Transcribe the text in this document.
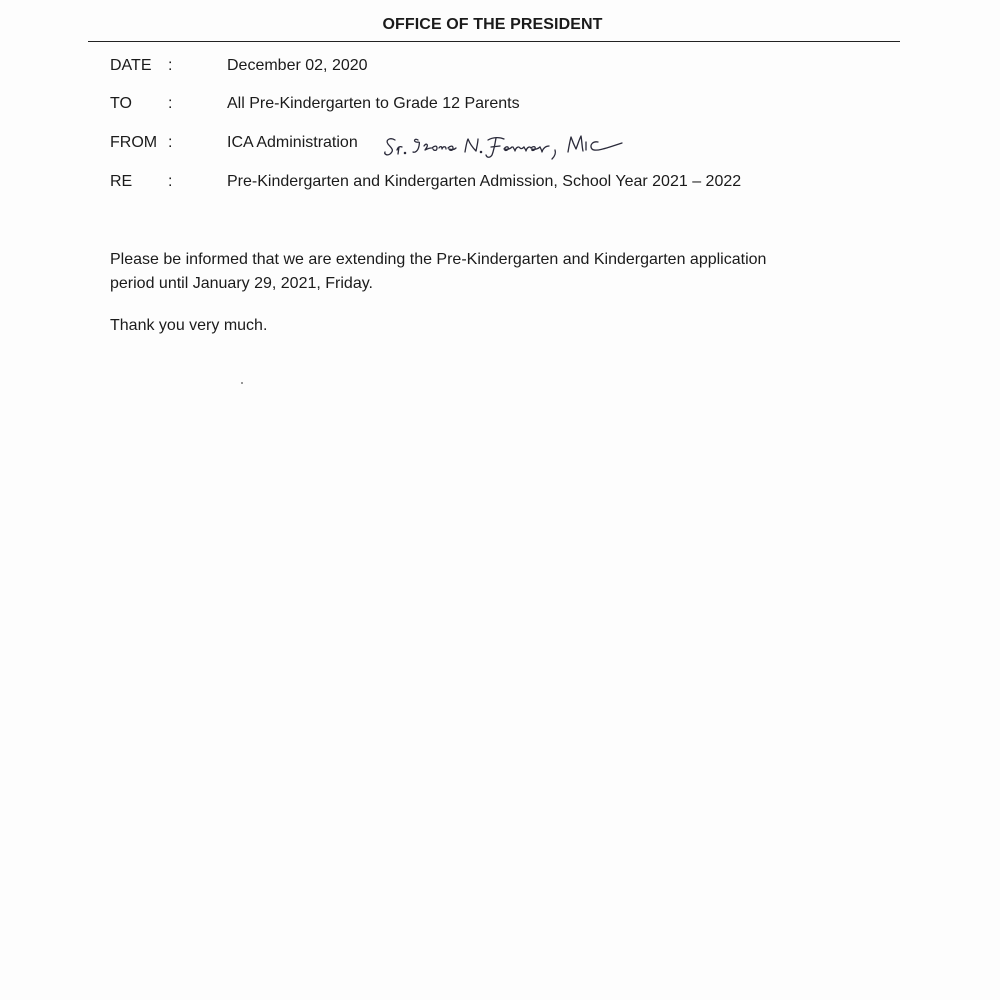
OFFICE OF THE PRESIDENT
DATE :	December 02, 2020
TO :	All Pre-Kindergarten to Grade 12 Parents
FROM :	ICA Administration
RE :	Pre-Kindergarten and Kindergarten Admission, School Year 2021 – 2022
Please be informed that we are extending the Pre-Kindergarten and Kindergarten application
period until January 29, 2021, Friday.
Thank you very much.
